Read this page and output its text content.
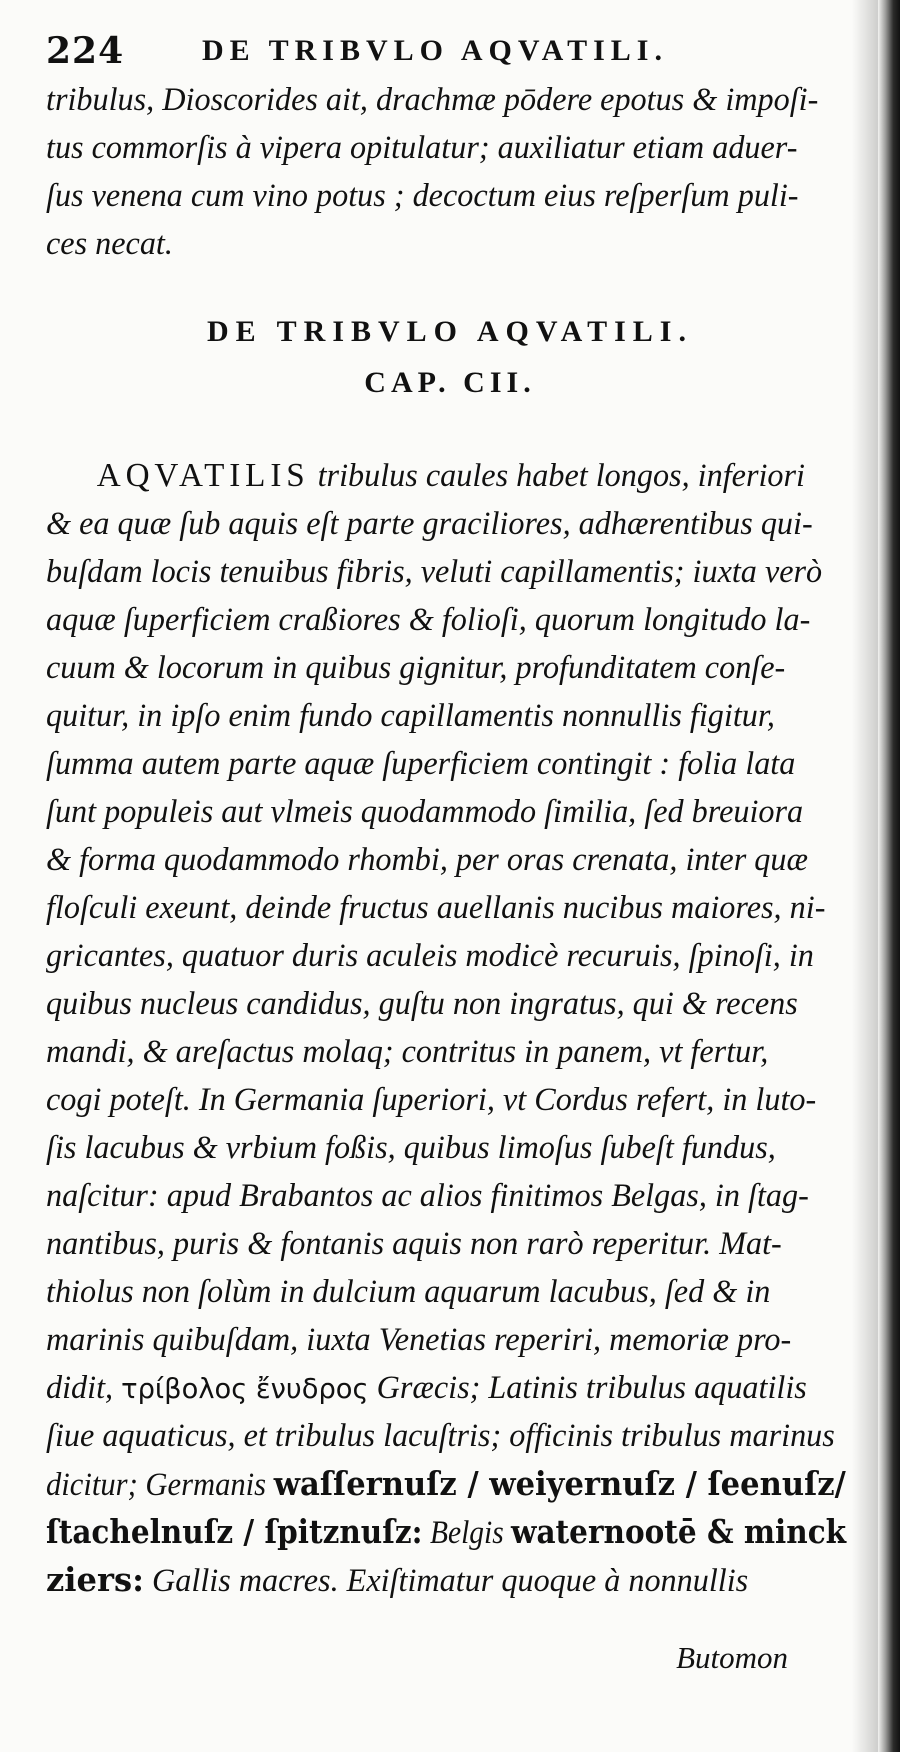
224	DE TRIBVLO AQVATILI.
tribulus, Dioscorides ait, drachmæ pōdere epotus & impoſi-
tus commorſis à vipera opitulatur; auxiliatur etiam aduer-
ſus venena cum vino potus ; decoctum eius reſperſum puli-
ces necat.
DE TRIBVLO AQVATILI.
CAP. CII.
AQVATILIS tribulus caules habet longos, inferiori
& ea quæ ſub aquis eſt parte graciliores, adhærentibus qui-
buſdam locis tenuibus fibris, veluti capillamentis; iuxta verò
aquæ ſuperficiem craßiores & folioſi, quorum longitudo la-
cuum & locorum in quibus gignitur, profunditatem conſe-
quitur, in ipſo enim fundo capillamentis nonnullis figitur,
ſumma autem parte aquæ ſuperficiem contingit : folia lata
ſunt populeis aut vlmeis quodammodo ſimilia, ſed breuiora
& forma quodammodo rhombi, per oras crenata, inter quæ
floſculi exeunt, deinde fructus auellanis nucibus maiores, ni-
gricantes, quatuor duris aculeis modicè recuruis, ſpinoſi, in
quibus nucleus candidus, guſtu non ingratus, qui & recens
mandi, & areſactus molaq; contritus in panem, vt fertur,
cogi poteſt. In Germania ſuperiori, vt Cordus refert, in luto-
ſis lacubus & vrbium foßis, quibus limoſus ſubeſt fundus,
naſcitur: apud Brabantos ac alios finitimos Belgas, in ſtag-
nantibus, puris & fontanis aquis non rarò reperitur. Mat-
thiolus non ſolùm in dulcium aquarum lacubus, ſed & in
marinis quibuſdam, iuxta Venetias reperiri, memoriæ pro-
didit, τρίβολος ἔνυδρος Græcis; Latinis tribulus aquatilis
ſiue aquaticus, et tribulus lacuſtris; officinis tribulus marinus
dicitur; Germanis waſſernuſz / weiyernuſz / ſeenuſz/
ſtachelnuſz / ſpitznuſz: Belgis waternootē & minck
ziers: Gallis macres. Exiſtimatur quoque à nonnullis
Butomon
